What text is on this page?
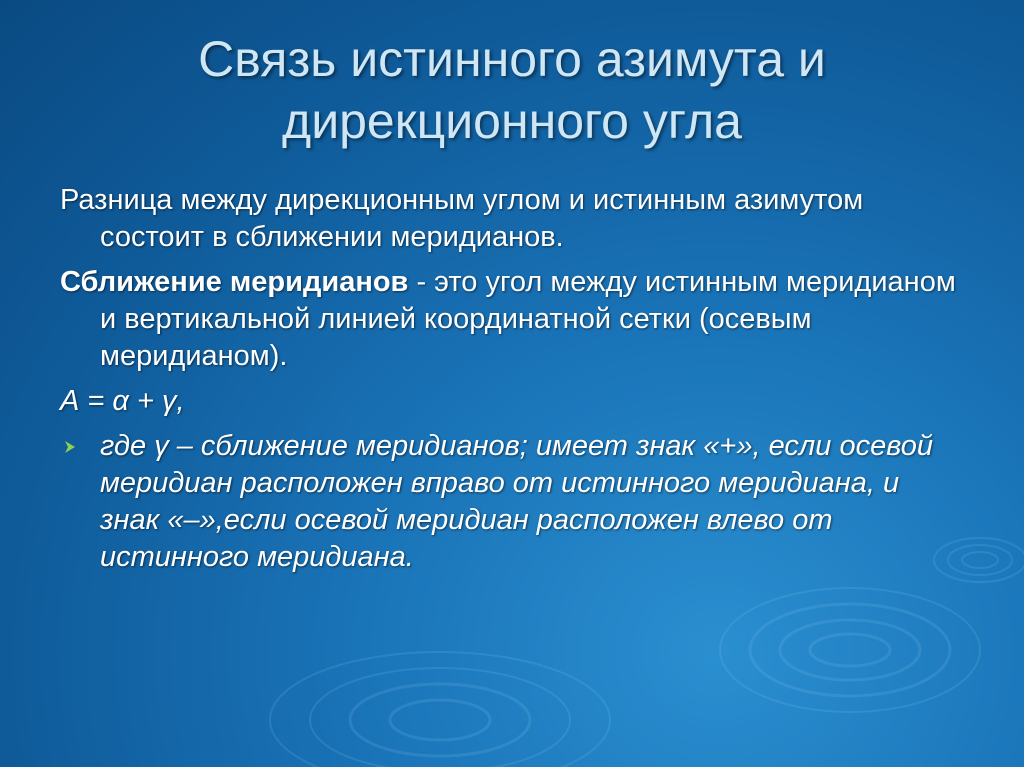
Связь истинного азимута и
дирекционного угла

Разница между дирекционным углом и истинным азимутом состоит в сближении меридианов.

Сближение меридианов - это угол между истинным меридианом и вертикальной линией координатной сетки (осевым меридианом).

А = α + γ,

где γ – сближение меридианов; имеет знак «+», если осевой меридиан расположен вправо от истинного меридиана, и знак «–»,если осевой меридиан расположен влево от истинного меридиана.
